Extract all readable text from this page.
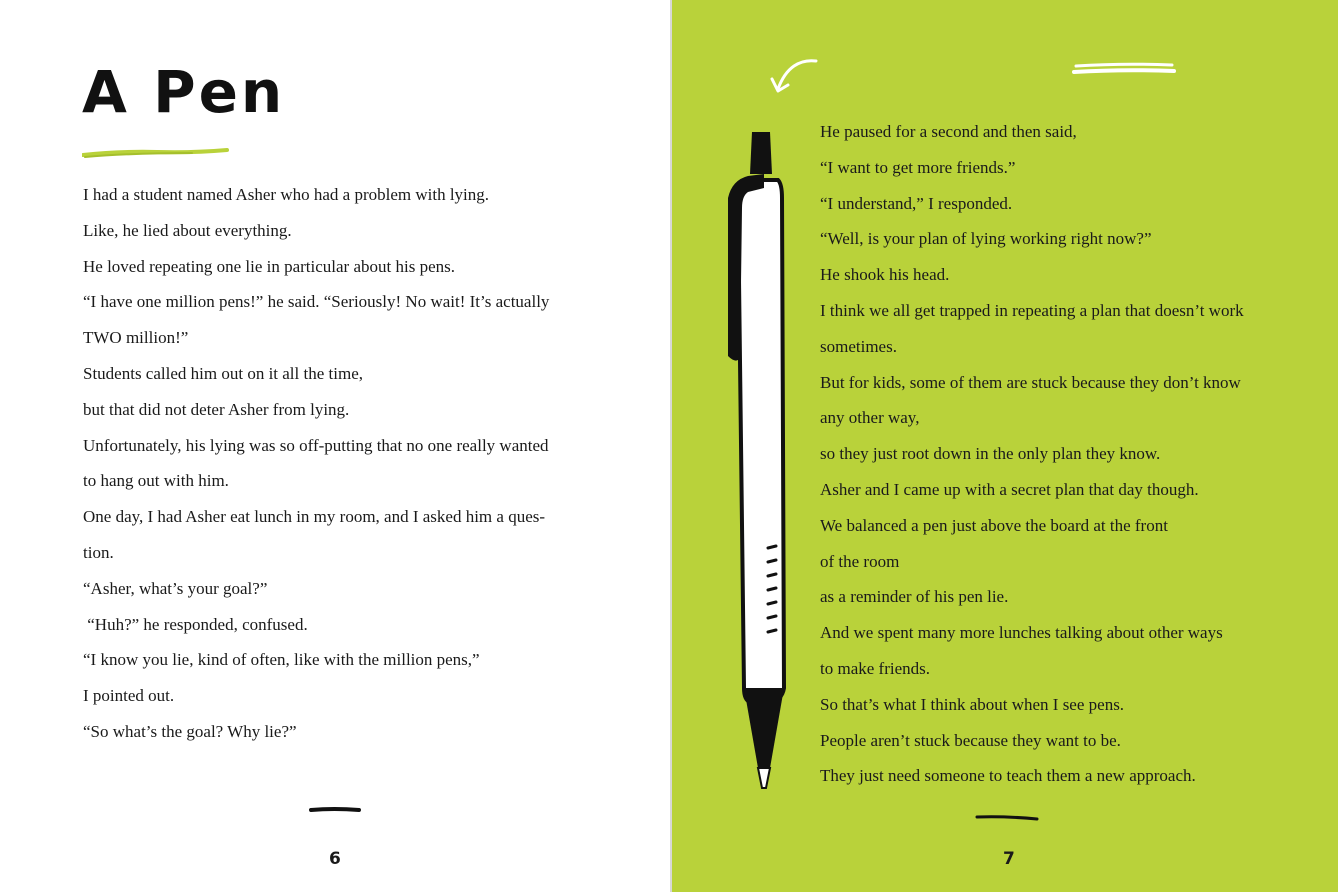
A Pen
I had a student named Asher who had a problem with lying.
Like, he lied about everything.
He loved repeating one lie in particular about his pens.
“I have one million pens!” he said. “Seriously! No wait! It’s actually
TWO million!”
Students called him out on it all the time,
but that did not deter Asher from lying.
Unfortunately, his lying was so off-putting that no one really wanted
to hang out with him.
One day, I had Asher eat lunch in my room, and I asked him a ques-
tion.
“Asher, what’s your goal?”
“Huh?” he responded, confused.
“I know you lie, kind of often, like with the million pens,”
I pointed out.
“So what’s the goal? Why lie?”
6
He paused for a second and then said,
“I want to get more friends.”
“I understand,” I responded.
“Well, is your plan of lying working right now?”
He shook his head.
I think we all get trapped in repeating a plan that doesn’t work
sometimes.
But for kids, some of them are stuck because they don’t know
any other way,
so they just root down in the only plan they know.
Asher and I came up with a secret plan that day though.
We balanced a pen just above the board at the front
of the room
as a reminder of his pen lie.
And we spent many more lunches talking about other ways
to make friends.
So that’s what I think about when I see pens.
People aren’t stuck because they want to be.
They just need someone to teach them a new approach.
7
